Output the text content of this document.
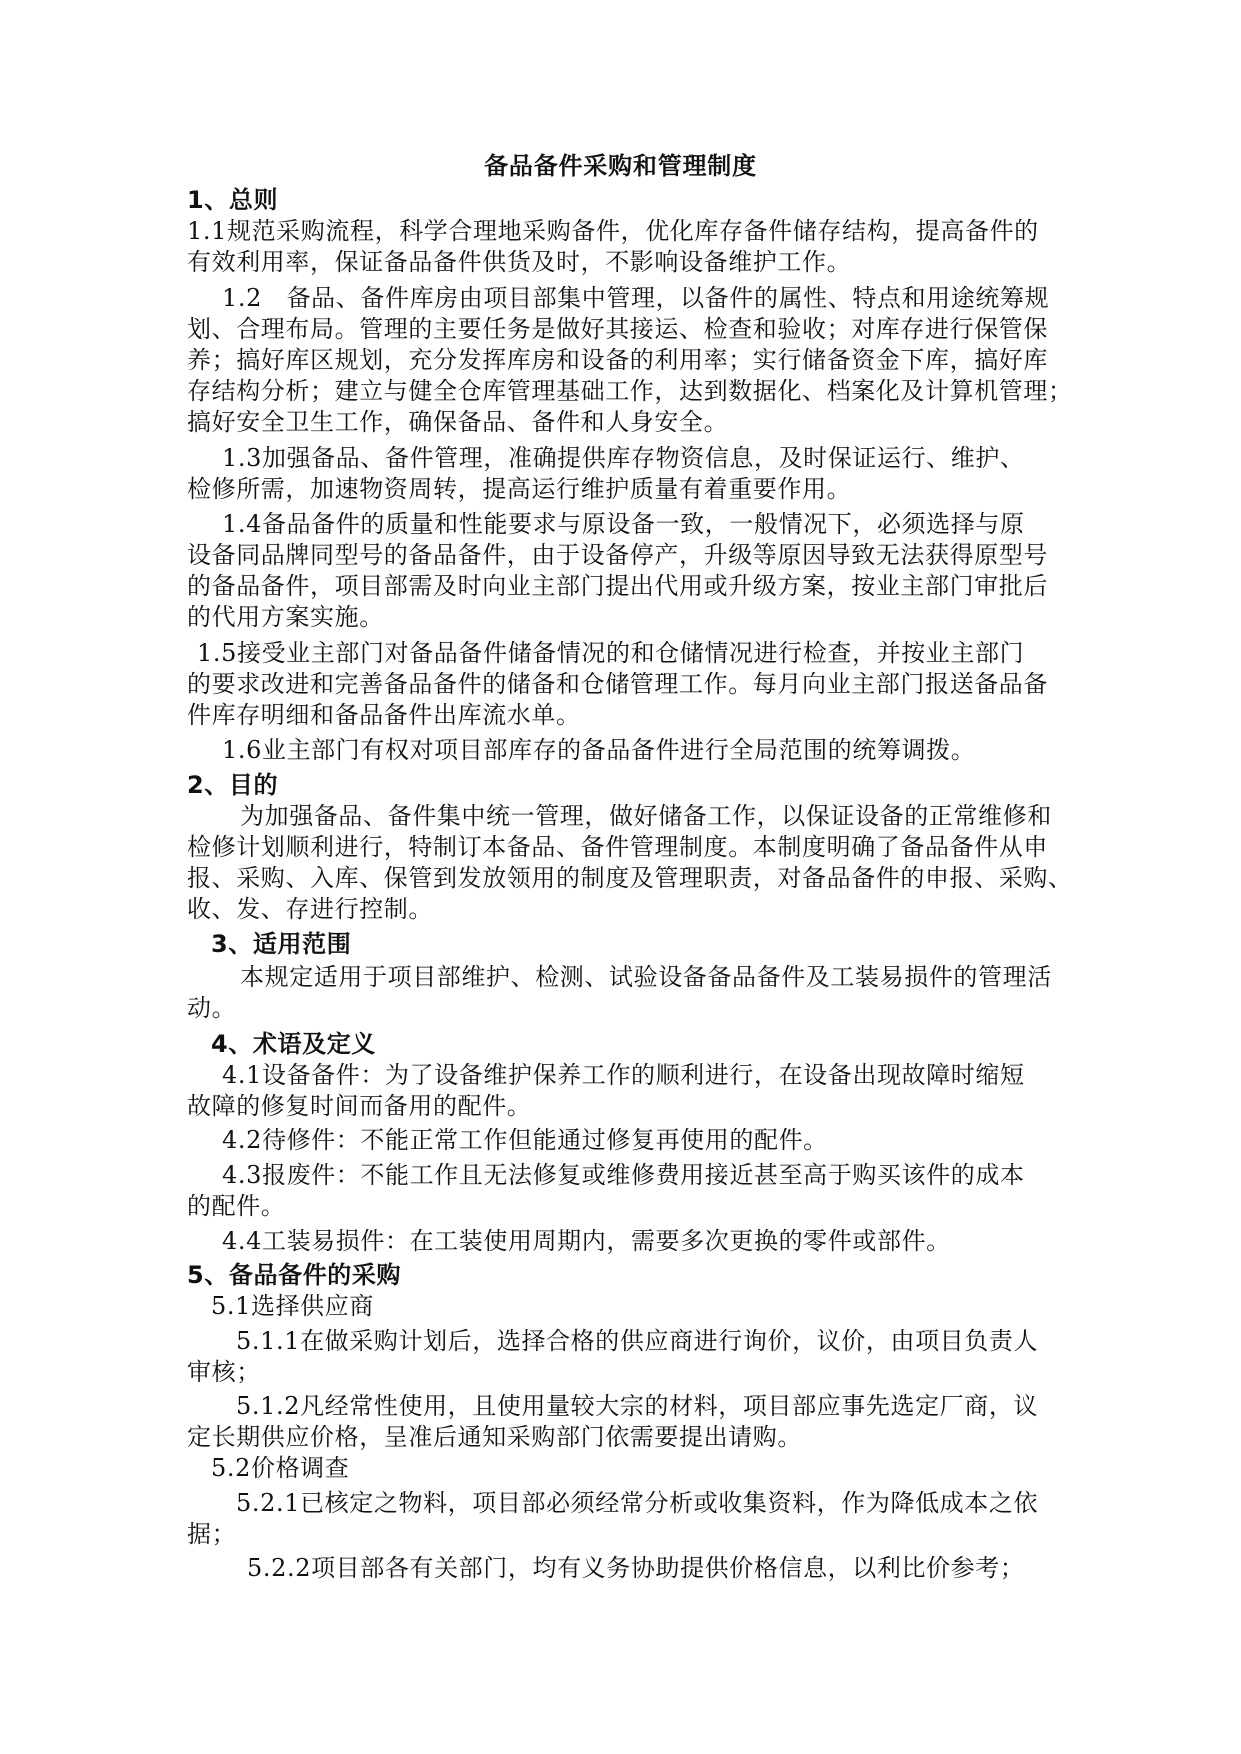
备品备件采购和管理制度
1、总则
1.1规范采购流程，科学合理地采购备件，优化库存备件储存结构，提高备件的
有效利用率，保证备品备件供货及时，不影响设备维护工作。
1.2　备品、备件库房由项目部集中管理，以备件的属性、特点和用途统筹规
划、合理布局。管理的主要任务是做好其接运、检查和验收；对库存进行保管保
养；搞好库区规划，充分发挥库房和设备的利用率；实行储备资金下库，搞好库
存结构分析；建立与健全仓库管理基础工作，达到数据化、档案化及计算机管理；
搞好安全卫生工作，确保备品、备件和人身安全。
1.3加强备品、备件管理，准确提供库存物资信息，及时保证运行、维护、
检修所需，加速物资周转，提高运行维护质量有着重要作用。
1.4备品备件的质量和性能要求与原设备一致，一般情况下，必须选择与原
设备同品牌同型号的备品备件，由于设备停产，升级等原因导致无法获得原型号
的备品备件，项目部需及时向业主部门提出代用或升级方案，按业主部门审批后
的代用方案实施。
1.5接受业主部门对备品备件储备情况的和仓储情况进行检查，并按业主部门
的要求改进和完善备品备件的储备和仓储管理工作。每月向业主部门报送备品备
件库存明细和备品备件出库流水单。
1.6业主部门有权对项目部库存的备品备件进行全局范围的统筹调拨。
2、目的
为加强备品、备件集中统一管理，做好储备工作，以保证设备的正常维修和
检修计划顺利进行，特制订本备品、备件管理制度。本制度明确了备品备件从申
报、采购、入库、保管到发放领用的制度及管理职责，对备品备件的申报、采购、
收、发、存进行控制。
3、适用范围
本规定适用于项目部维护、检测、试验设备备品备件及工装易损件的管理活
动。
4、术语及定义
4.1设备备件：为了设备维护保养工作的顺利进行，在设备出现故障时缩短
故障的修复时间而备用的配件。
4.2待修件：不能正常工作但能通过修复再使用的配件。
4.3报废件：不能工作且无法修复或维修费用接近甚至高于购买该件的成本
的配件。
4.4工装易损件：在工装使用周期内，需要多次更换的零件或部件。
5、备品备件的采购
5.1选择供应商
5.1.1在做采购计划后，选择合格的供应商进行询价，议价，由项目负责人
审核；
5.1.2凡经常性使用，且使用量较大宗的材料，项目部应事先选定厂商，议
定长期供应价格，呈准后通知采购部门依需要提出请购。
5.2价格调查
5.2.1已核定之物料，项目部必须经常分析或收集资料，作为降低成本之依
据；
5.2.2项目部各有关部门，均有义务协助提供价格信息，以利比价参考；
